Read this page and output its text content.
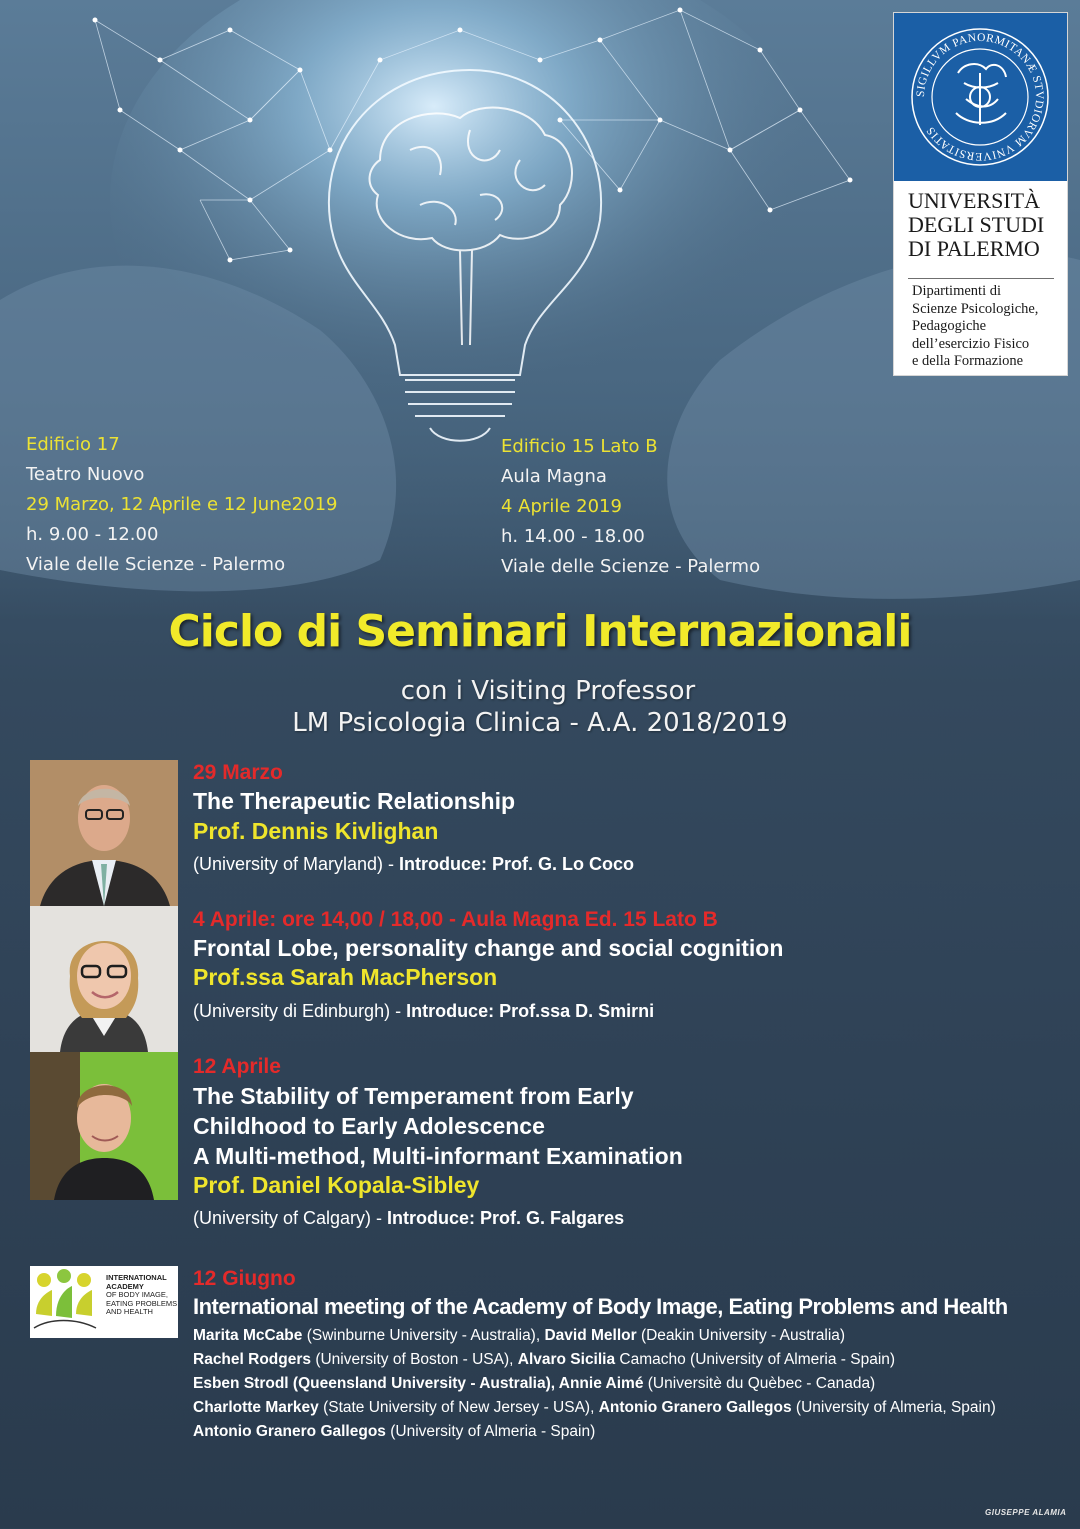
SIGILLVM PANORMITANÆ STVDIORVM VNIVERSITATIS
UNIVERSITÀ
DEGLI STUDI
DI PALERMO
Dipartimenti di
Scienze Psicologiche,
Pedagogiche
dell’esercizio Fisico
e della Formazione
Edificio 17
Teatro Nuovo
29 Marzo, 12 Aprile e 12 June2019
h. 9.00 - 12.00
Viale delle Scienze - Palermo
Edificio 15 Lato B
Aula Magna
4 Aprile 2019
h. 14.00 - 18.00
Viale delle Scienze - Palermo
Ciclo di Seminari Internazionali
con i Visiting Professor
LM Psicologia Clinica - A.A. 2018/2019
29 Marzo
The Therapeutic Relationship
Prof. Dennis Kivlighan
(University of Maryland) - Introduce: Prof. G. Lo Coco
4 Aprile: ore 14,00 / 18,00 - Aula Magna Ed. 15 Lato B
Frontal Lobe, personality change and social cognition
Prof.ssa Sarah MacPherson
(University di Edinburgh) - Introduce: Prof.ssa D. Smirni
12 Aprile
The Stability of Temperament from Early
Childhood to Early Adolescence
A Multi-method, Multi-informant Examination
Prof. Daniel Kopala-Sibley
(University of Calgary) - Introduce: Prof. G. Falgares
INTERNATIONAL
ACADEMY
OF BODY IMAGE,
EATING PROBLEMS
AND HEALTH
12 Giugno
International meeting of the Academy of Body Image, Eating Problems and Health
Marita McCabe (Swinburne University - Australia), David Mellor (Deakin University - Australia)
Rachel Rodgers (University of Boston - USA), Alvaro Sicilia Camacho (University of Almeria - Spain)
Esben Strodl (Queensland University - Australia), Annie Aimé (Universitè du Quèbec - Canada)
Charlotte Markey (State University of New Jersey - USA), Antonio Granero Gallegos (University of Almeria, Spain)
Antonio Granero Gallegos (University of Almeria - Spain)
GIUSEPPE ALAMIA
